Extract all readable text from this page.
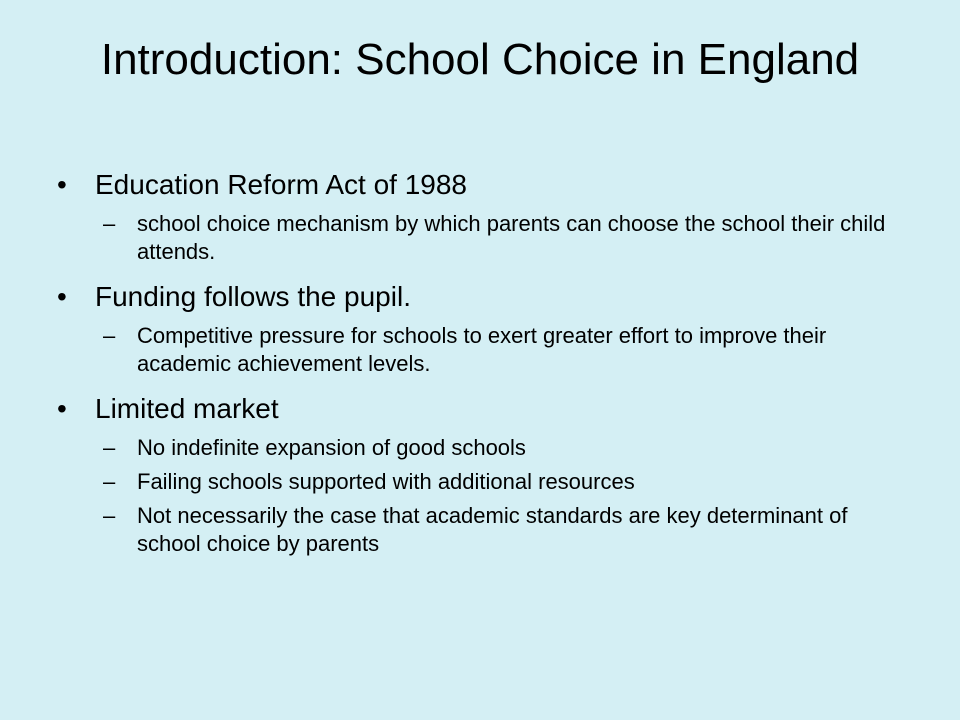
Introduction: School Choice in England
• Education Reform Act of 1988
– school choice mechanism by which parents can choose the school their child attends.
• Funding follows the pupil.
– Competitive pressure for schools to exert greater effort to improve their academic achievement levels.
• Limited market
– No indefinite expansion of good schools
– Failing schools supported with additional resources
– Not necessarily the case that academic standards are key determinant of school choice by parents
